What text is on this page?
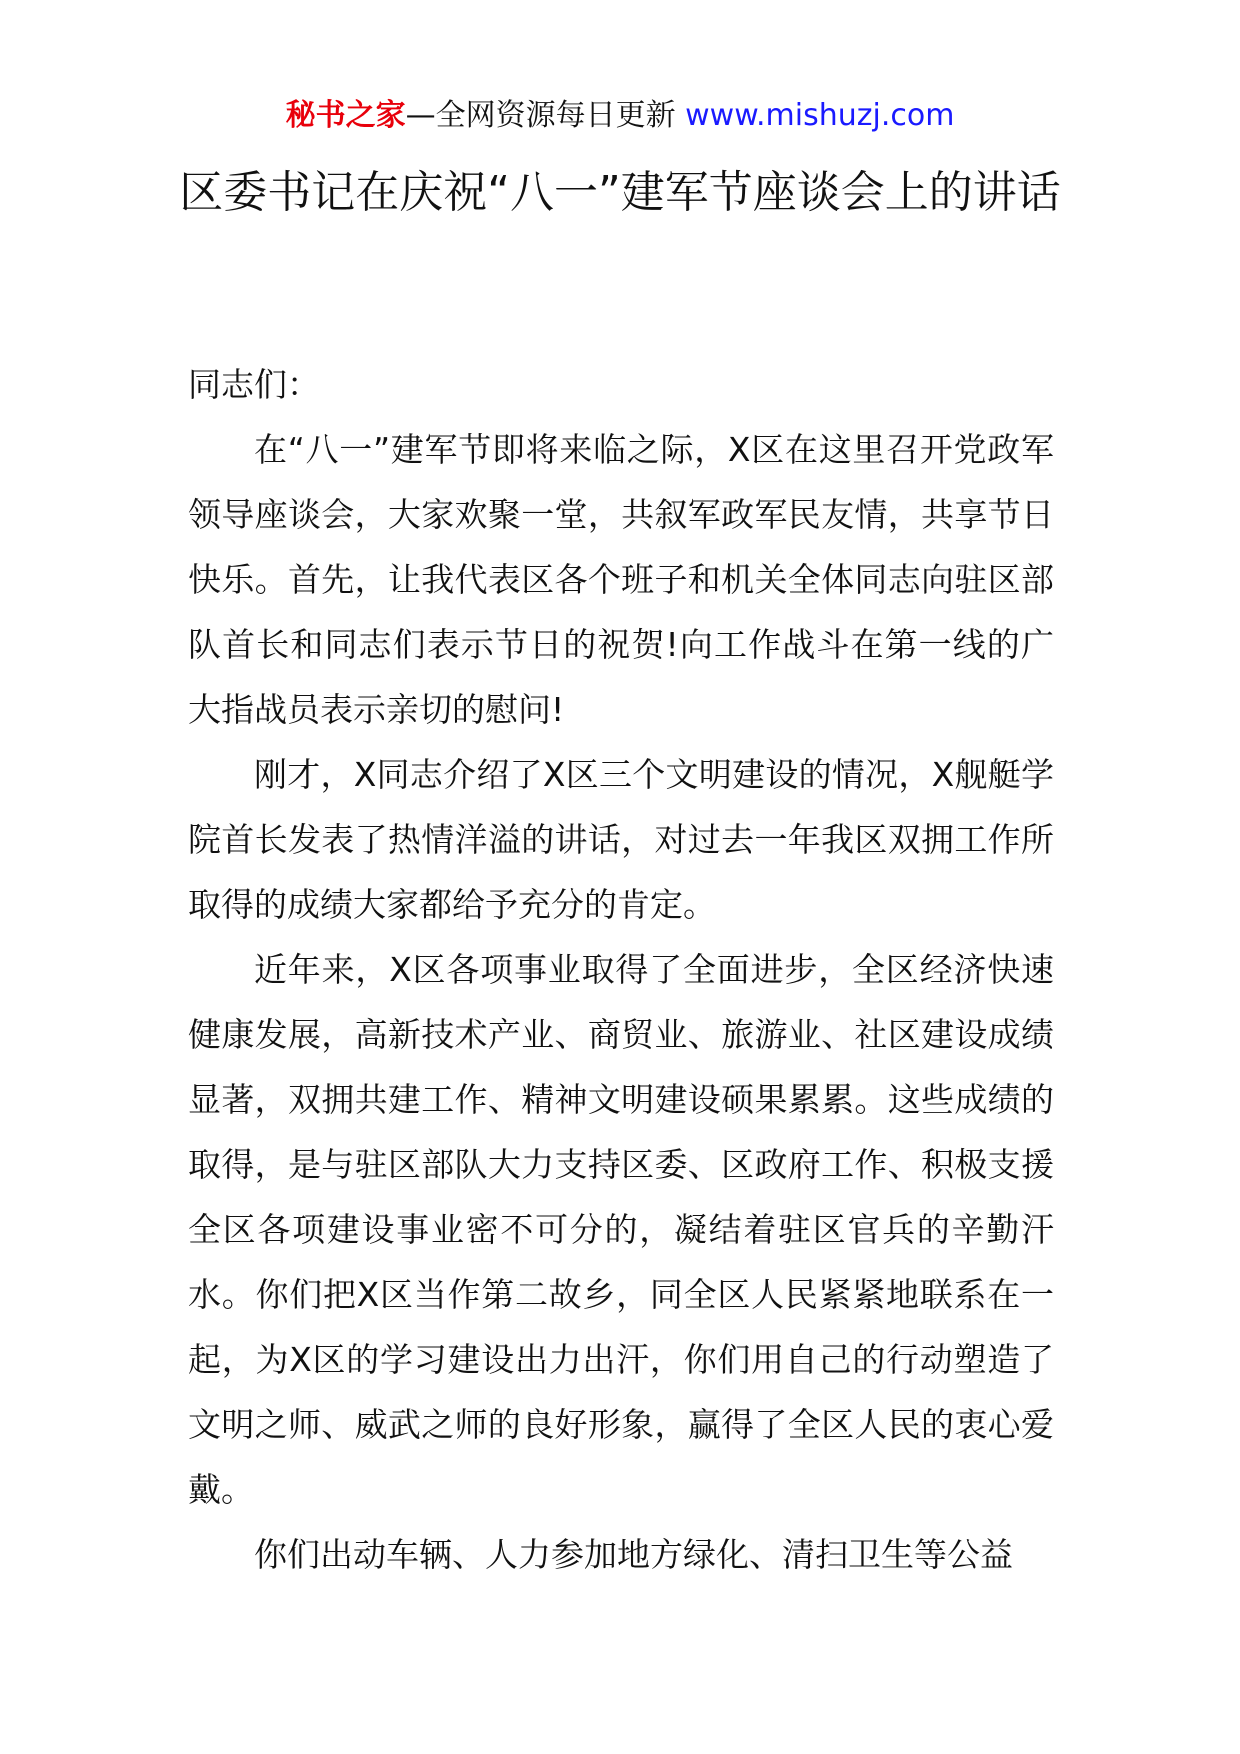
秘书之家—全网资源每日更新 www.mishuzj.com
区委书记在庆祝“八一”建军节座谈会上的讲话

同志们：

在“八一”建军节即将来临之际，X区在这里召开党政军领导座谈会，大家欢聚一堂，共叙军政军民友情，共享节日快乐。首先，让我代表区各个班子和机关全体同志向驻区部队首长和同志们表示节日的祝贺!向工作战斗在第一线的广大指战员表示亲切的慰问!

刚才，X同志介绍了X区三个文明建设的情况，X舰艇学院首长发表了热情洋溢的讲话，对过去一年我区双拥工作所取得的成绩大家都给予充分的肯定。

近年来，X区各项事业取得了全面进步，全区经济快速健康发展，高新技术产业、商贸业、旅游业、社区建设成绩显著，双拥共建工作、精神文明建设硕果累累。这些成绩的取得，是与驻区部队大力支持区委、区政府工作、积极支援全区各项建设事业密不可分的，凝结着驻区官兵的辛勤汗水。你们把X区当作第二故乡，同全区人民紧紧地联系在一起，为X区的学习建设出力出汗，你们用自己的行动塑造了文明之师、威武之师的良好形象，赢得了全区人民的衷心爱戴。

你们出动车辆、人力参加地方绿化、清扫卫生等公益
